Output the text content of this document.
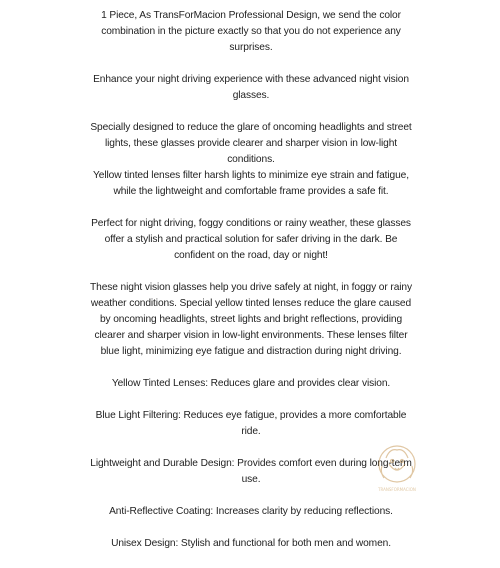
1 Piece, As TransForMacion Professional Design, we send the color combination in the picture exactly so that you do not experience any surprises.

Enhance your night driving experience with these advanced night vision glasses.

Specially designed to reduce the glare of oncoming headlights and street lights, these glasses provide clearer and sharper vision in low-light conditions.

Yellow tinted lenses filter harsh lights to minimize eye strain and fatigue, while the lightweight and comfortable frame provides a safe fit.

Perfect for night driving, foggy conditions or rainy weather, these glasses offer a stylish and practical solution for safer driving in the dark. Be confident on the road, day or night!

These night vision glasses help you drive safely at night, in foggy or rainy weather conditions. Special yellow tinted lenses reduce the glare caused by oncoming headlights, street lights and bright reflections, providing clearer and sharper vision in low-light environments. These lenses filter blue light, minimizing eye fatigue and distraction during night driving.

Yellow Tinted Lenses: Reduces glare and provides clear vision.

Blue Light Filtering: Reduces eye fatigue, provides a more comfortable ride.

Lightweight and Durable Design: Provides comfort even during long-term use.

Anti-Reflective Coating: Increases clarity by reducing reflections.

Unisex Design: Stylish and functional for both men and women.

TRANSFORMACION
